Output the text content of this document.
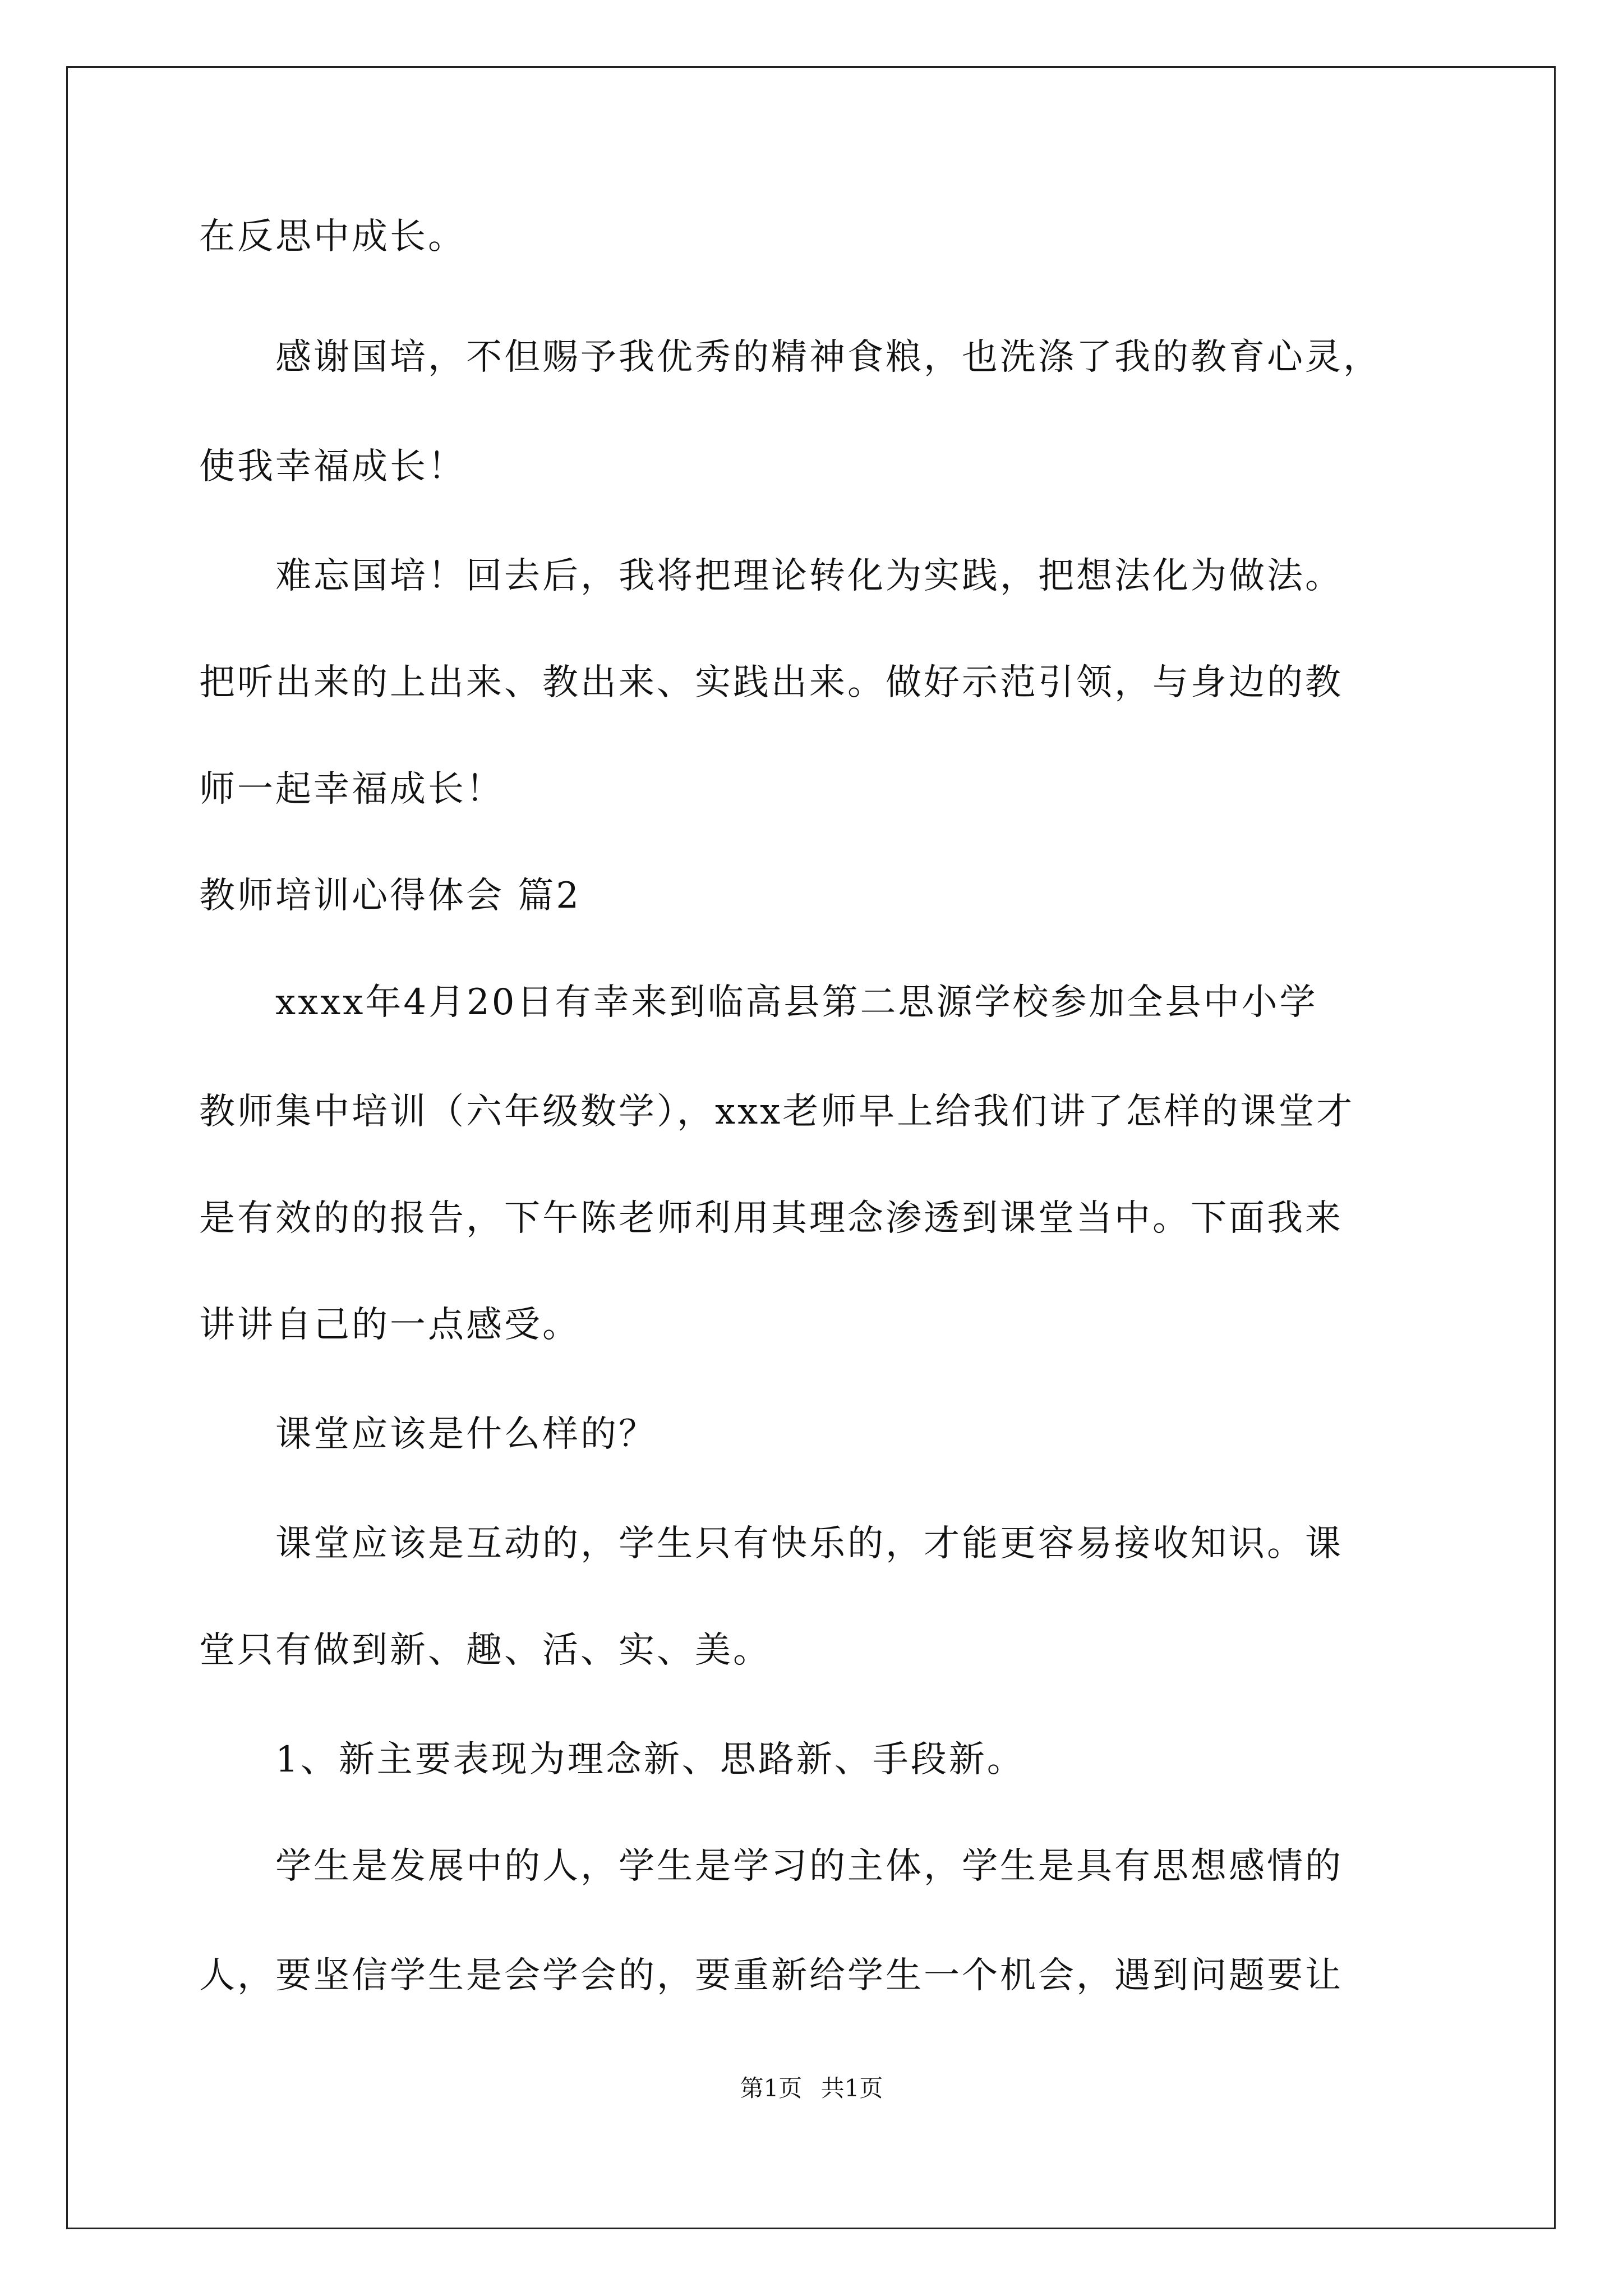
在反思中成长。
　　感谢国培，不但赐予我优秀的精神食粮，也洗涤了我的教育心灵，
使我幸福成长！
　　难忘国培！回去后，我将把理论转化为实践，把想法化为做法。
把听出来的上出来、教出来、实践出来。做好示范引领，与身边的教
师一起幸福成长！
教师培训心得体会 篇2
　　xxxx年4月20日有幸来到临高县第二思源学校参加全县中小学
教师集中培训（六年级数学），xxx老师早上给我们讲了怎样的课堂才
是有效的的报告，下午陈老师利用其理念渗透到课堂当中。下面我来
讲讲自己的一点感受。
　　课堂应该是什么样的？
　　课堂应该是互动的，学生只有快乐的，才能更容易接收知识。课
堂只有做到新、趣、活、实、美。
　　1、新主要表现为理念新、思路新、手段新。
　　学生是发展中的人，学生是学习的主体，学生是具有思想感情的
人，要坚信学生是会学会的，要重新给学生一个机会，遇到问题要让
第1页 共1页
